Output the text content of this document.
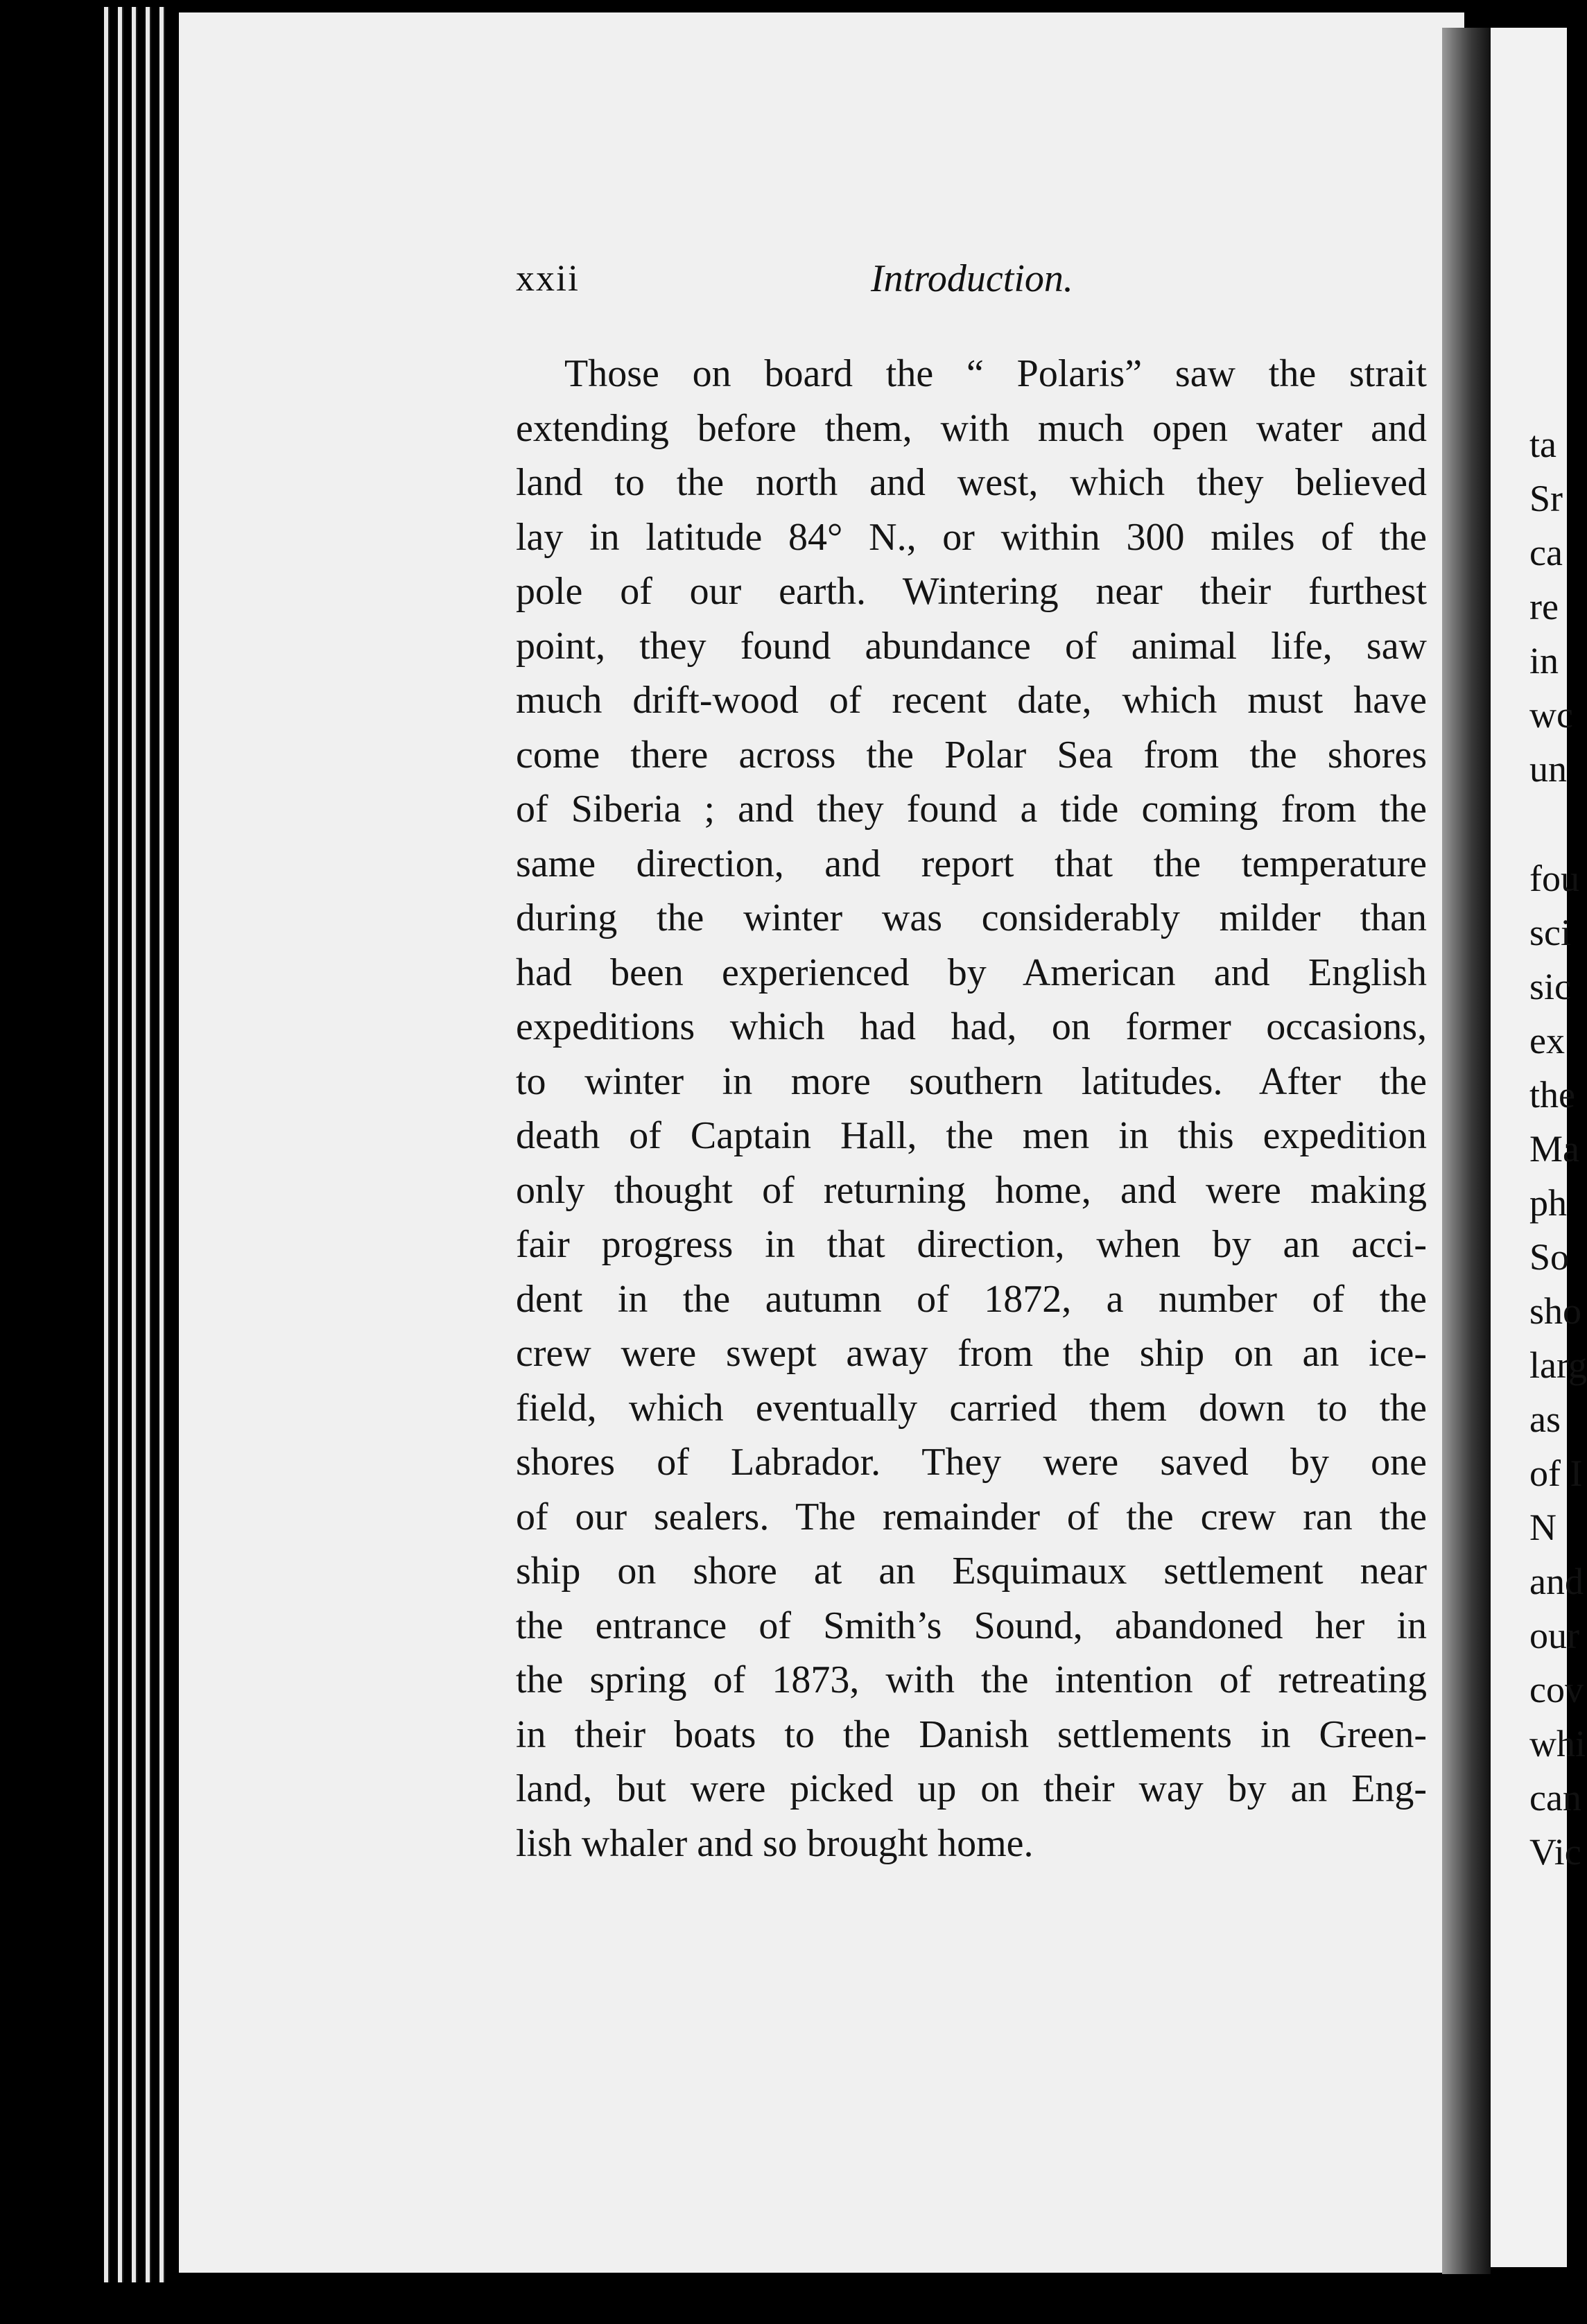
ta
Sr
ca
re
in
wc
un
fou
sci
sic
ex
the
Ma
ph
So
sho
larg
as
of I
N
and
our
cov
whi
can
Vic
xxii	Introduction.
Those on board the “ Polaris” saw the strait
extending before them, with much open water and
land to the north and west, which they believed
lay in latitude 84° N., or within 300 miles of the
pole of our earth. Wintering near their furthest
point, they found abundance of animal life, saw
much drift-wood of recent date, which must have
come there across the Polar Sea from the shores
of Siberia ; and they found a tide coming from the
same direction, and report that the temperature
during the winter was considerably milder than
had been experienced by American and English
expeditions which had had, on former occasions,
to winter in more southern latitudes. After the
death of Captain Hall, the men in this expedition
only thought of returning home, and were making
fair progress in that direction, when by an acci-
dent in the autumn of 1872, a number of the
crew were swept away from the ship on an ice-
field, which eventually carried them down to the
shores of Labrador. They were saved by one
of our sealers. The remainder of the crew ran the
ship on shore at an Esquimaux settlement near
the entrance of Smith’s Sound, abandoned her in
the spring of 1873, with the intention of retreating
in their boats to the Danish settlements in Green-
land, but were picked up on their way by an Eng-
lish whaler and so brought home.
